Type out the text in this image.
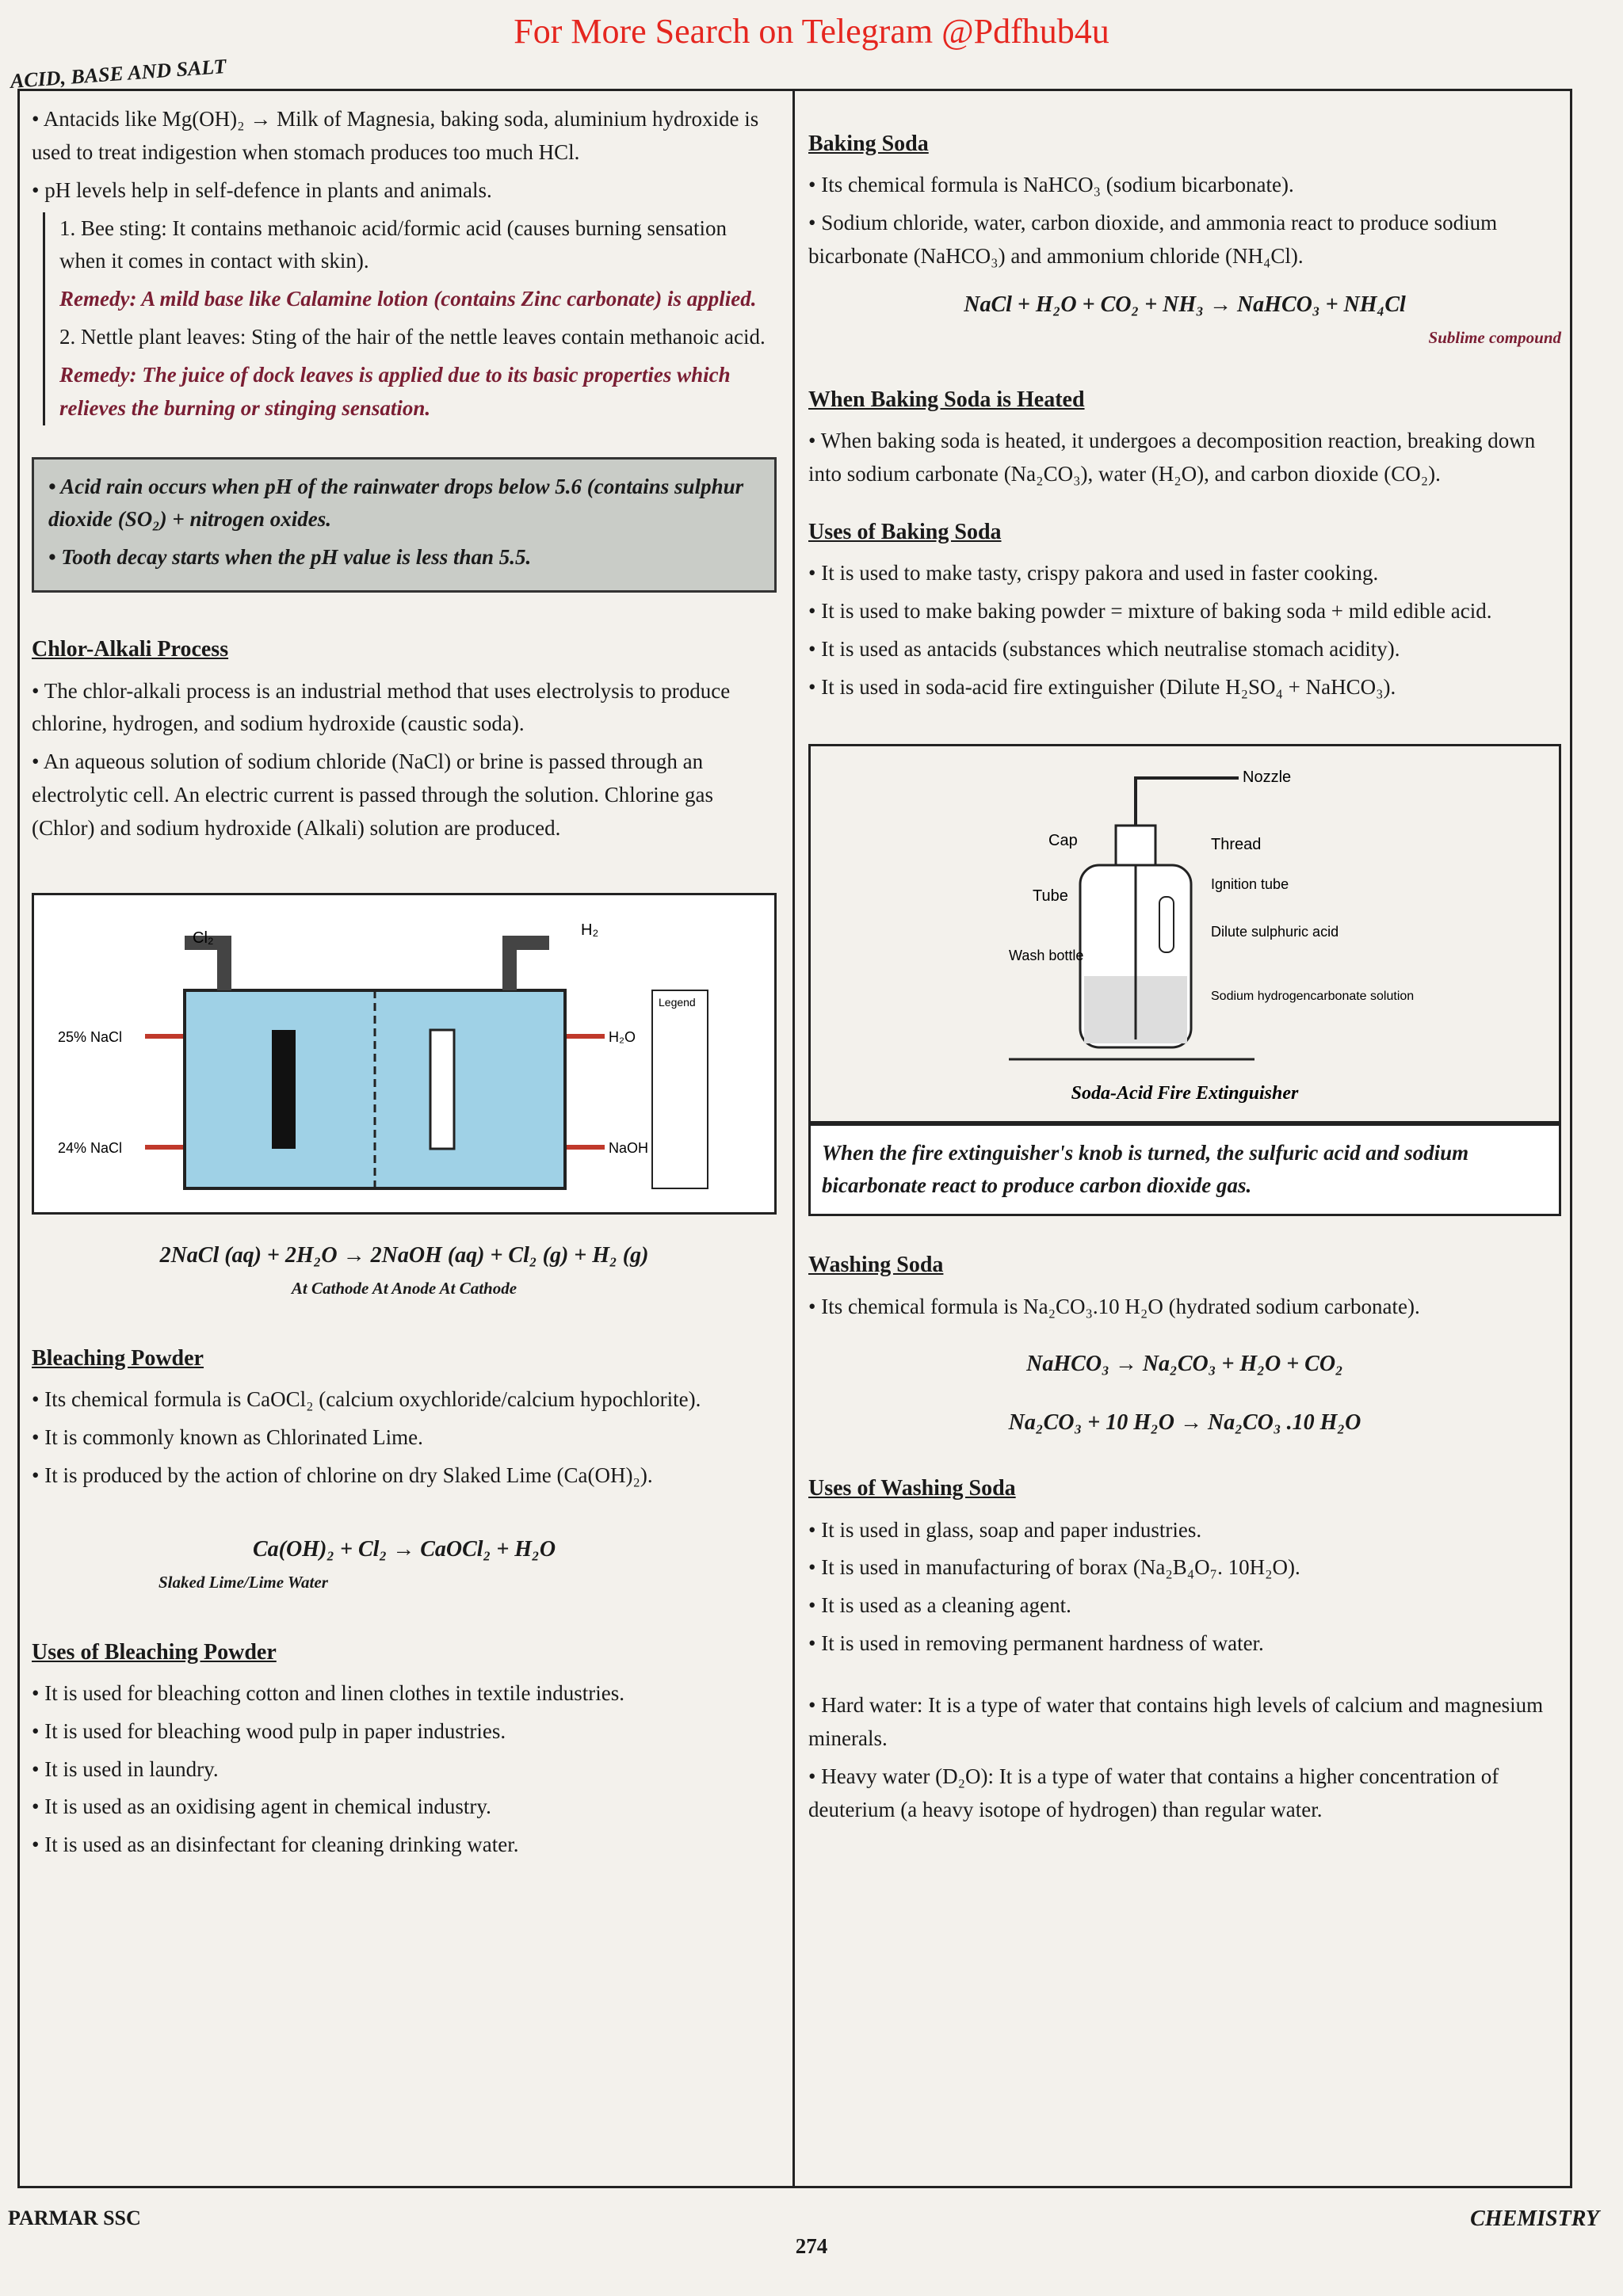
For More Search on Telegram @Pdfhub4u
ACID, BASE AND SALT

• Antacids like Mg(OH)₂ → Milk of Magnesia, baking soda, aluminium hydroxide is used to treat indigestion when stomach produces too much HCl.

• pH levels help in self-defence in plants and animals.

1. Bee sting: It contains methanoic acid/formic acid (causes burning sensation when it comes in contact with skin).

Remedy: A mild base like Calamine lotion (contains Zinc carbonate) is applied.

2. Nettle plant leaves: Sting of the hair of the nettle leaves contain methanoic acid.

Remedy: The juice of dock leaves is applied due to its basic properties which relieves the burning or stinging sensation.

• Acid rain occurs when pH of the rainwater drops below 5.6 (contains sulphur dioxide (SO₂) + nitrogen oxides.

• Tooth decay starts when the pH value is less than 5.5.

Chlor-Alkali Process

• The chlor-alkali process is an industrial method that uses electrolysis to produce chlorine, hydrogen, and sodium hydroxide (caustic soda).

• An aqueous solution of sodium chloride (NaCl) or brine is passed through an electrolytic cell. An electric current is passed through the solution. Chlorine gas (Chlor) and sodium hydroxide (Alkali) solution are produced.

Cl₂	H₂
25% NaCl
24% NaCl
H₂O
NaOH
Legend
2NaCl (aq) + 2H₂O → 2NaOH (aq) + Cl₂ (g) + H₂ (g)
At Cathode At Anode At Cathode
Bleaching Powder

• Its chemical formula is CaOCl₂ (calcium oxychloride/calcium hypochlorite).

• It is commonly known as Chlorinated Lime.

• It is produced by the action of chlorine on dry Slaked Lime (Ca(OH)₂).

Ca(OH)₂ + Cl₂ → CaOCl₂ + H₂O
Slaked Lime/Lime Water
Uses of Bleaching Powder

• It is used for bleaching cotton and linen clothes in textile industries.

• It is used for bleaching wood pulp in paper industries.

• It is used in laundry.

• It is used as an oxidising agent in chemical industry.

• It is used as an disinfectant for cleaning drinking water.

Baking Soda

• Its chemical formula is NaHCO₃ (sodium bicarbonate).

• Sodium chloride, water, carbon dioxide, and ammonia react to produce sodium bicarbonate (NaHCO₃) and ammonium chloride (NH₄Cl).

NaCl + H₂O + CO₂ + NH₃ → NaHCO₃ + NH₄Cl
Sublime compound
When Baking Soda is Heated

• When baking soda is heated, it undergoes a decomposition reaction, breaking down into sodium carbonate (Na₂CO₃), water (H₂O), and carbon dioxide (CO₂).

Uses of Baking Soda

• It is used to make tasty, crispy pakora and used in faster cooking.

• It is used to make baking powder = mixture of baking soda + mild edible acid.

• It is used as antacids (substances which neutralise stomach acidity).

• It is used in soda-acid fire extinguisher (Dilute H₂SO₄ + NaHCO₃).

Nozzle
Cap	Thread
Tube
Ignition tube
Wash bottle
Dilute sulphuric acid
Sodium hydrogencarbonate solution
Soda-Acid Fire Extinguisher
When the fire extinguisher's knob is turned, the sulfuric acid and sodium bicarbonate react to produce carbon dioxide gas.
Washing Soda

• Its chemical formula is Na₂CO₃.10 H₂O (hydrated sodium carbonate).

NaHCO₃ → Na₂CO₃ + H₂O + CO₂
Na₂CO₃ + 10 H₂O → Na₂CO₃ .10 H₂O
Uses of Washing Soda

• It is used in glass, soap and paper industries.

• It is used in manufacturing of borax (Na₂B₄O₇. 10H₂O).

• It is used as a cleaning agent.

• It is used in removing permanent hardness of water.

• Hard water: It is a type of water that contains high levels of calcium and magnesium minerals.

• Heavy water (D₂O): It is a type of water that contains a higher concentration of deuterium (a heavy isotope of hydrogen) than regular water.

PARMAR SSC
274
CHEMISTRY
